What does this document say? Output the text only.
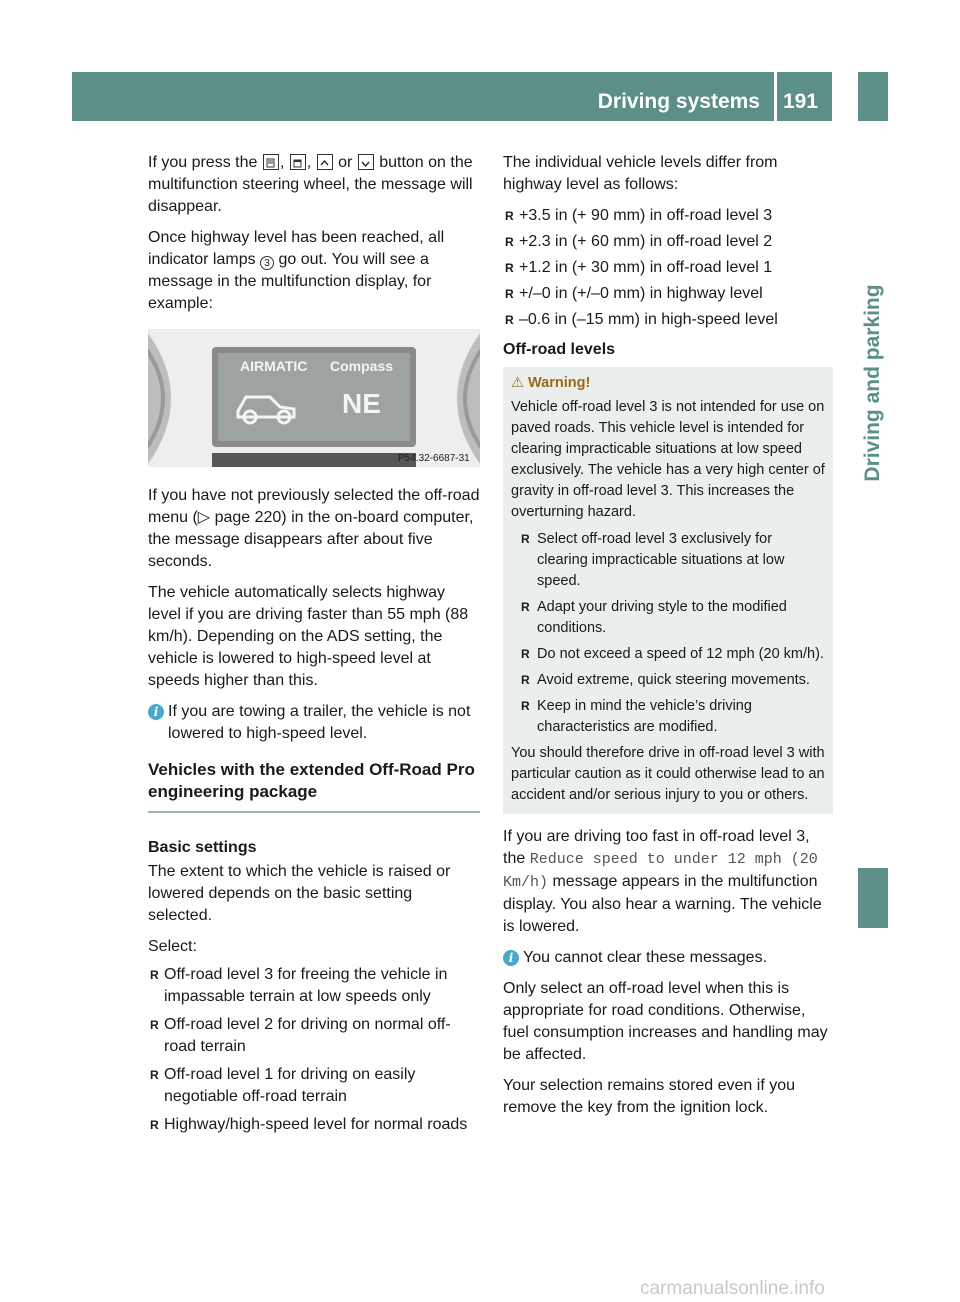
Driving systems 191
Driving and parking

If you press the , ,  or button on the multifunction steering wheel, the message will disappear.

Once highway level has been reached, all indicator lamps 3 go out. You will see a message in the multifunction display, for example:

AIRMATIC Compass
NE
P54.32-6687-31

If you have not previously selected the off-road menu (▷ page 220) in the on-board computer, the message disappears after about five seconds.

The vehicle automatically selects highway level if you are driving faster than 55 mph (88 km/h). Depending on the ADS setting, the vehicle is lowered to high-speed level at speeds higher than this.

i If you are towing a trailer, the vehicle is not lowered to high-speed level.
Vehicles with the extended Off-Road Pro engineering package
Basic settings

The extent to which the vehicle is raised or lowered depends on the basic setting selected.

Select:

R Off-road level 3 for freeing the vehicle in impassable terrain at low speeds only
R Off-road level 2 for driving on normal off-road terrain
R Off-road level 1 for driving on easily negotiable off-road terrain
R Highway/high-speed level for normal roads

The individual vehicle levels differ from highway level as follows:

R +3.5 in (+ 90 mm) in off-road level 3
R +2.3 in (+ 60 mm) in off-road level 2
R +1.2 in (+ 30 mm) in off-road level 1
R +/–0 in (+/–0 mm) in highway level
R –0.6 in (–15 mm) in high-speed level
Off-road levels
⚠ Warning!

Vehicle off-road level 3 is not intended for use on paved roads. This vehicle level is intended for clearing impracticable situations at low speed exclusively. The vehicle has a very high center of gravity in off-road level 3. This increases the overturning hazard.

R Select off-road level 3 exclusively for clearing impracticable situations at low speed.
R Adapt your driving style to the modified conditions.
R Do not exceed a speed of 12 mph (20 km/h).
R Avoid extreme, quick steering movements.
R Keep in mind the vehicle’s driving characteristics are modified.

You should therefore drive in off-road level 3 with particular caution as it could otherwise lead to an accident and/or serious injury to you or others.

If you are driving too fast in off-road level 3, the Reduce speed to under 12 mph (20 Km/h) message appears in the multifunction display. You also hear a warning. The vehicle is lowered.

i You cannot clear these messages.

Only select an off-road level when this is appropriate for road conditions. Otherwise, fuel consumption increases and handling may be affected.

Your selection remains stored even if you remove the key from the ignition lock.

carmanualsonline.info
